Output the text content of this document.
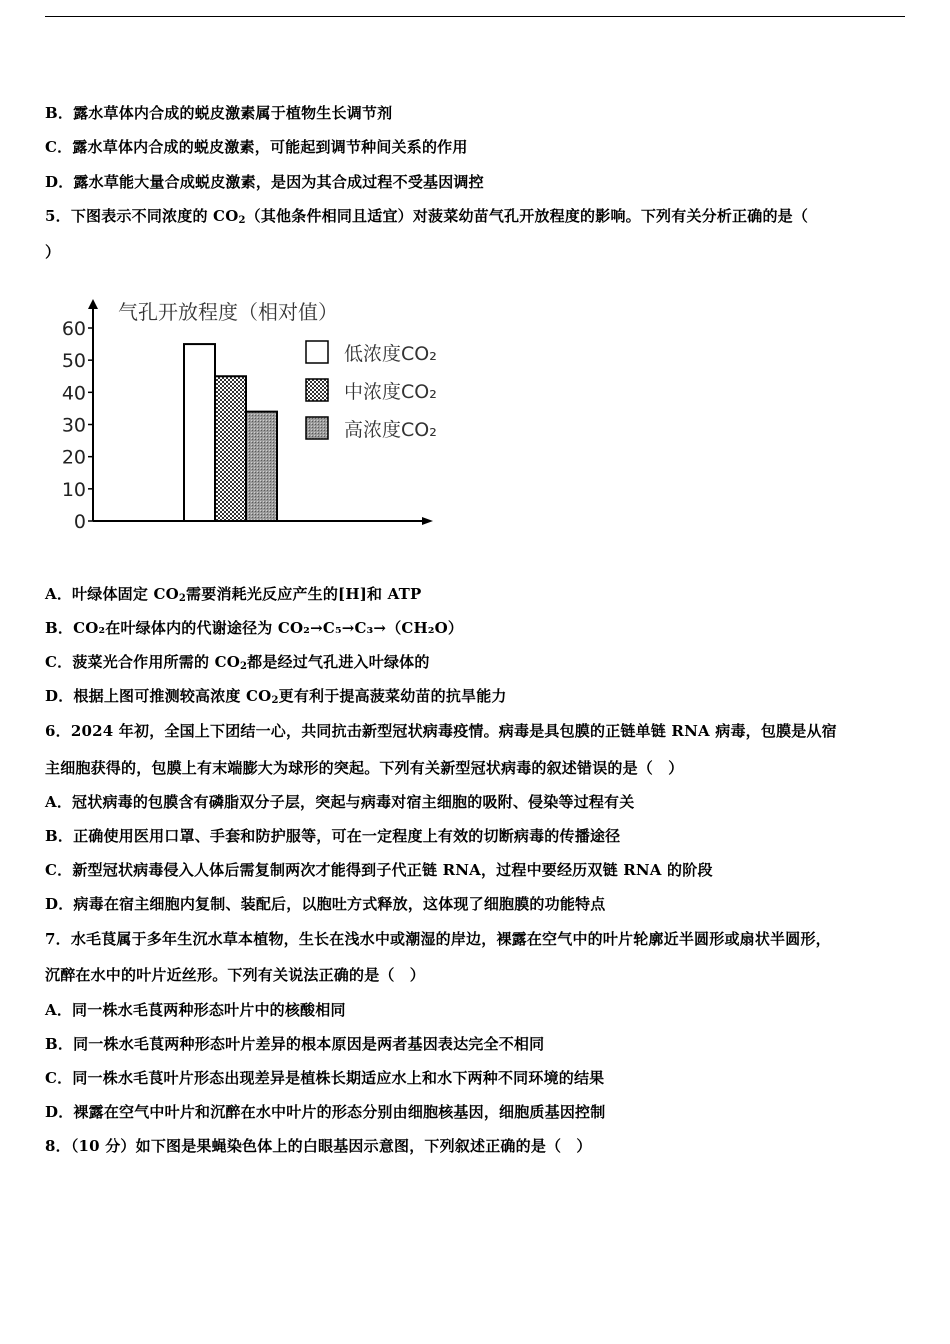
B．露水草体内合成的蜕皮激素属于植物生长调节剂
C．露水草体内合成的蜕皮激素，可能起到调节种间关系的作用
D．露水草能大量合成蜕皮激素，是因为其合成过程不受基因调控
5．下图表示不同浓度的 $CO_2$（其他条件相同且适宜）对菠菜幼苗气孔开放程度的影响。下列有关分析正确的是（
）
0
10
20
30
40
50
60
气孔开放程度（相对值）
低浓度CO₂
中浓度CO₂
高浓度CO₂
A．叶绿体固定 $CO_2$需要消耗光反应产生的[H]和 ATP
B．CO₂在叶绿体内的代谢途径为 CO₂→C₅→C₃→（CH₂O）
C．菠菜光合作用所需的 $CO_2$都是经过气孔进入叶绿体的
D．根据上图可推测较高浓度 $CO_2$更有利于提高菠菜幼苗的抗旱能力
6．2024 年初，全国上下团结一心，共同抗击新型冠状病毒疫情。病毒是具包膜的正链单链 RNA 病毒，包膜是从宿
主细胞获得的，包膜上有末端膨大为球形的突起。下列有关新型冠状病毒的叙述错误的是（　）
A．冠状病毒的包膜含有磷脂双分子层，突起与病毒对宿主细胞的吸附、侵染等过程有关
B．正确使用医用口罩、手套和防护服等，可在一定程度上有效的切断病毒的传播途径
C．新型冠状病毒侵入人体后需复制两次才能得到子代正链 RNA，过程中要经历双链 RNA 的阶段
D．病毒在宿主细胞内复制、装配后，以胞吐方式释放，这体现了细胞膜的功能特点
7．水毛茛属于多年生沉水草本植物，生长在浅水中或潮湿的岸边，裸露在空气中的叶片轮廓近半圆形或扇状半圆形，
沉醉在水中的叶片近丝形。下列有关说法正确的是（　）
A．同一株水毛茛两种形态叶片中的核酸相同
B．同一株水毛茛两种形态叶片差异的根本原因是两者基因表达完全不相同
C．同一株水毛茛叶片形态出现差异是植株长期适应水上和水下两种不同环境的结果
D．裸露在空气中叶片和沉醉在水中叶片的形态分别由细胞核基因，细胞质基因控制
8．（10 分）如下图是果蝇染色体上的白眼基因示意图，下列叙述正确的是（　）
